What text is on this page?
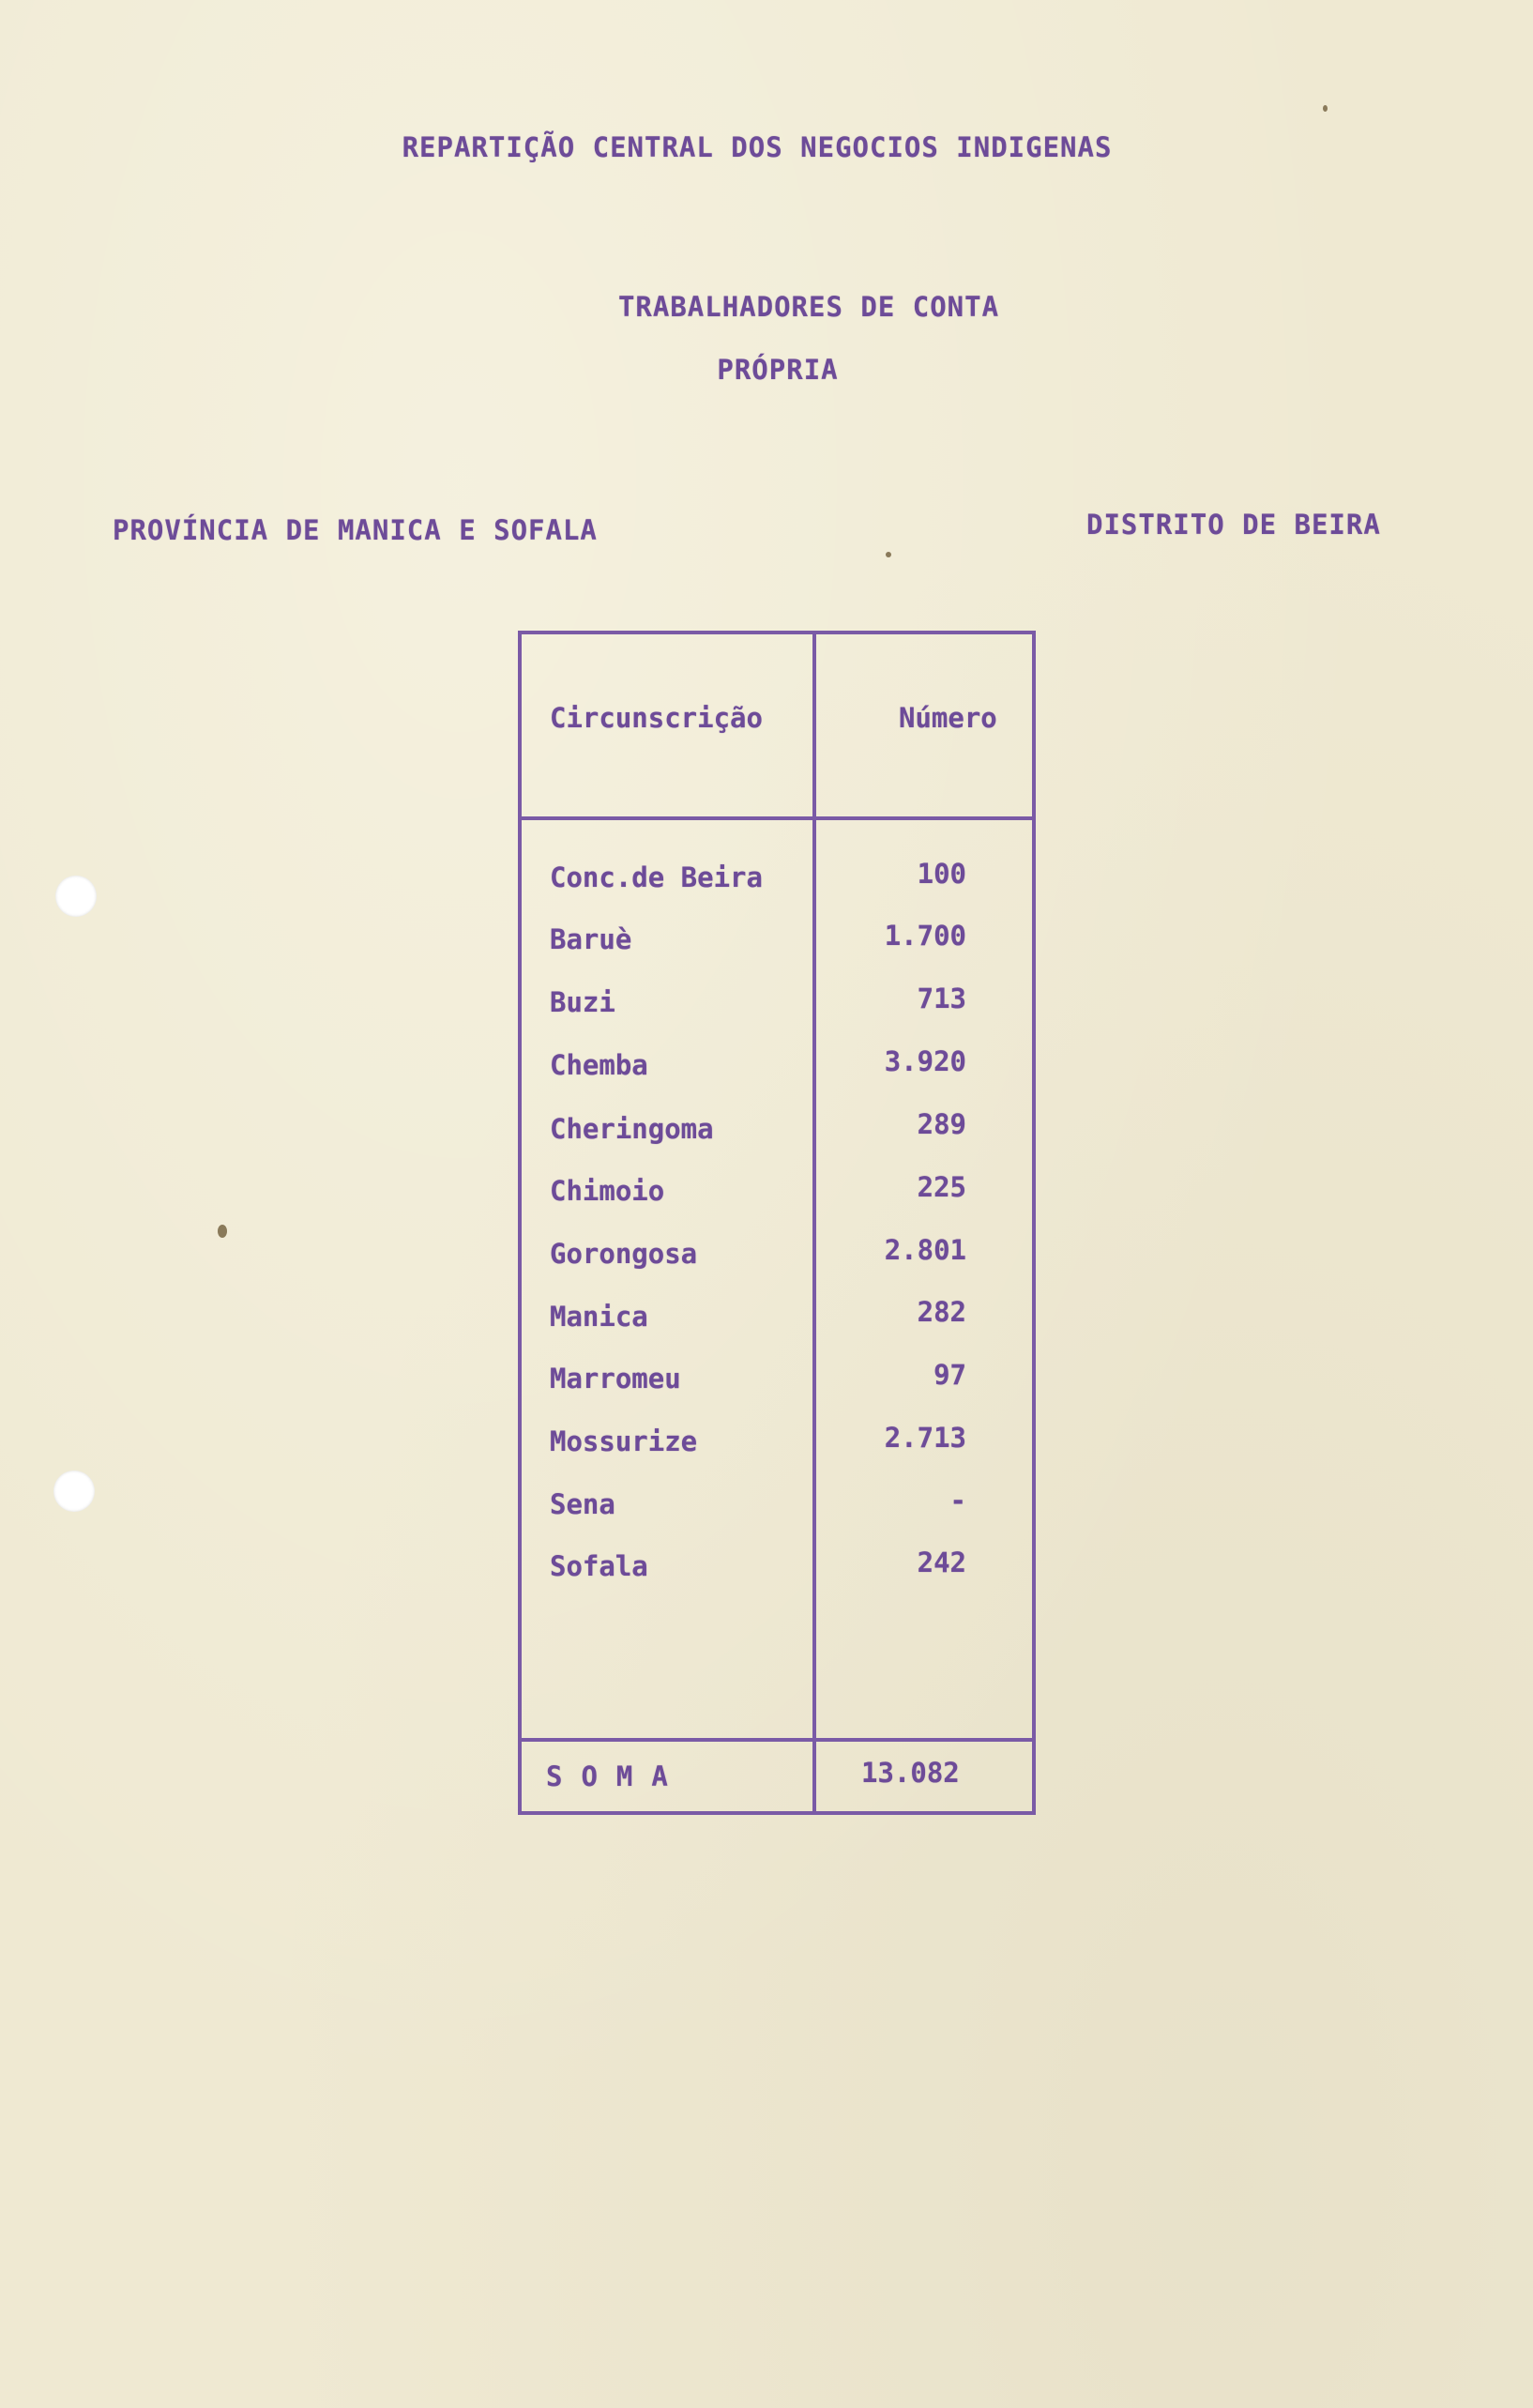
REPARTIÇÃO CENTRAL DOS NEGOCIOS INDIGENAS
TRABALHADORES DE CONTA
PRÓPRIA
PROVÍNCIA DE MANICA E SOFALA	DISTRITO DE BEIRA
Circunscrição	Número
Conc.de Beira	100
Baruè	1.700
Buzi	713
Chemba	3.920
Cheringoma	289
Chimoio	225
Gorongosa	2.801
Manica	282
Marromeu	97
Mossurize	2.713
Sena	-
Sofala	242
SOMA	13.082
